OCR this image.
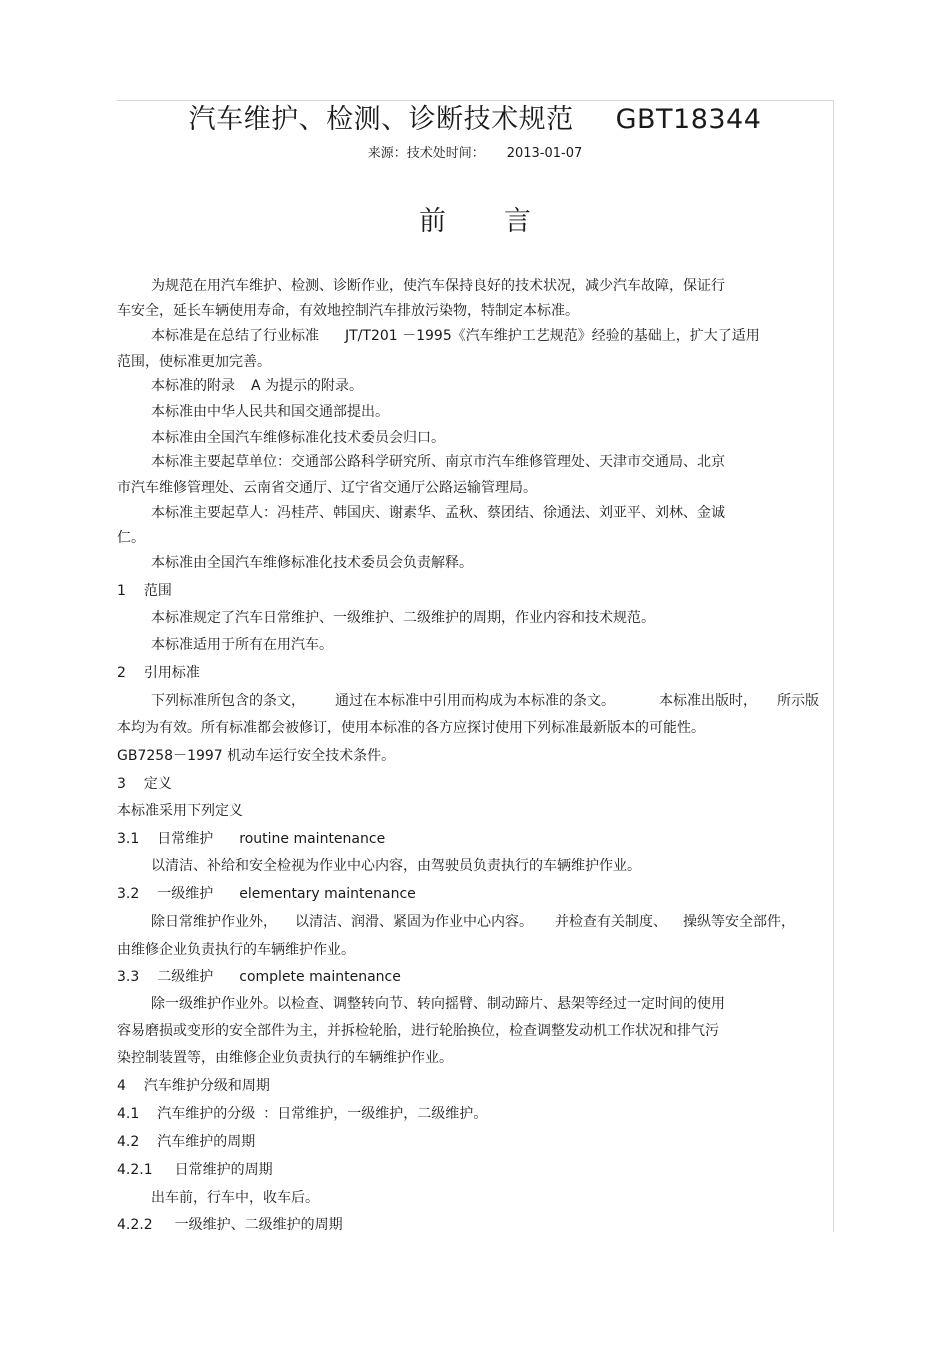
汽车维护、检测、诊断技术规范 GBT18344
来源：技术处时间： 2013-01-07
前言
为规范在用汽车维护、检测、诊断作业，使汽车保持良好的技术状况，减少汽车故障，保证行
车安全，延长车辆使用寿命，有效地控制汽车排放污染物，特制定本标准。
本标准是在总结了行业标准 JT/T201 －1995《汽车维护工艺规范》经验的基础上，扩大了适用
范围，使标准更加完善。
本标准的附录 A 为提示的附录。
本标准由中华人民共和国交通部提出。
本标准由全国汽车维修标准化技术委员会归口。
本标准主要起草单位：交通部公路科学研究所、南京市汽车维修管理处、天津市交通局、北京
市汽车维修管理处、云南省交通厅、辽宁省交通厅公路运输管理局。
本标准主要起草人：冯桂芹、韩国庆、谢素华、孟秋、蔡团结、徐通法、刘亚平、刘林、金诚
仁。
本标准由全国汽车维修标准化技术委员会负责解释。
1 范围
本标准规定了汽车日常维护、一级维护、二级维护的周期，作业内容和技术规范。
本标准适用于所有在用汽车。
2 引用标准
下列标准所包含的条文， 通过在本标准中引用而构成为本标准的条文。	本标准出版时， 所示版
本均为有效。所有标准都会被修订，使用本标准的各方应探讨使用下列标准最新版本的可能性。
GB7258－1997 机动车运行安全技术条件。
3 定义
本标准采用下列定义
3.1 日常维护 routine maintenance
以清洁、补给和安全检视为作业中心内容，由驾驶员负责执行的车辆维护作业。
3.2 一级维护 elementary maintenance
除日常维护作业外， 以清洁、润滑、紧固为作业中心内容。 并检查有关制度、 操纵等安全部件，
由维修企业负责执行的车辆维护作业。
3.3 二级维护 complete maintenance
除一级维护作业外。以检查、调整转向节、转向摇臂、制动蹄片、悬架等经过一定时间的使用
容易磨损或变形的安全部件为主，并拆检轮胎，进行轮胎换位，检查调整发动机工作状况和排气污
染控制装置等，由维修企业负责执行的车辆维护作业。
4 汽车维护分级和周期
4.1 汽车维护的分级 ：日常维护，一级维护，二级维护。
4.2 汽车维护的周期
4.2.1 日常维护的周期
出车前，行车中，收车后。
4.2.2 一级维护、二级维护的周期
